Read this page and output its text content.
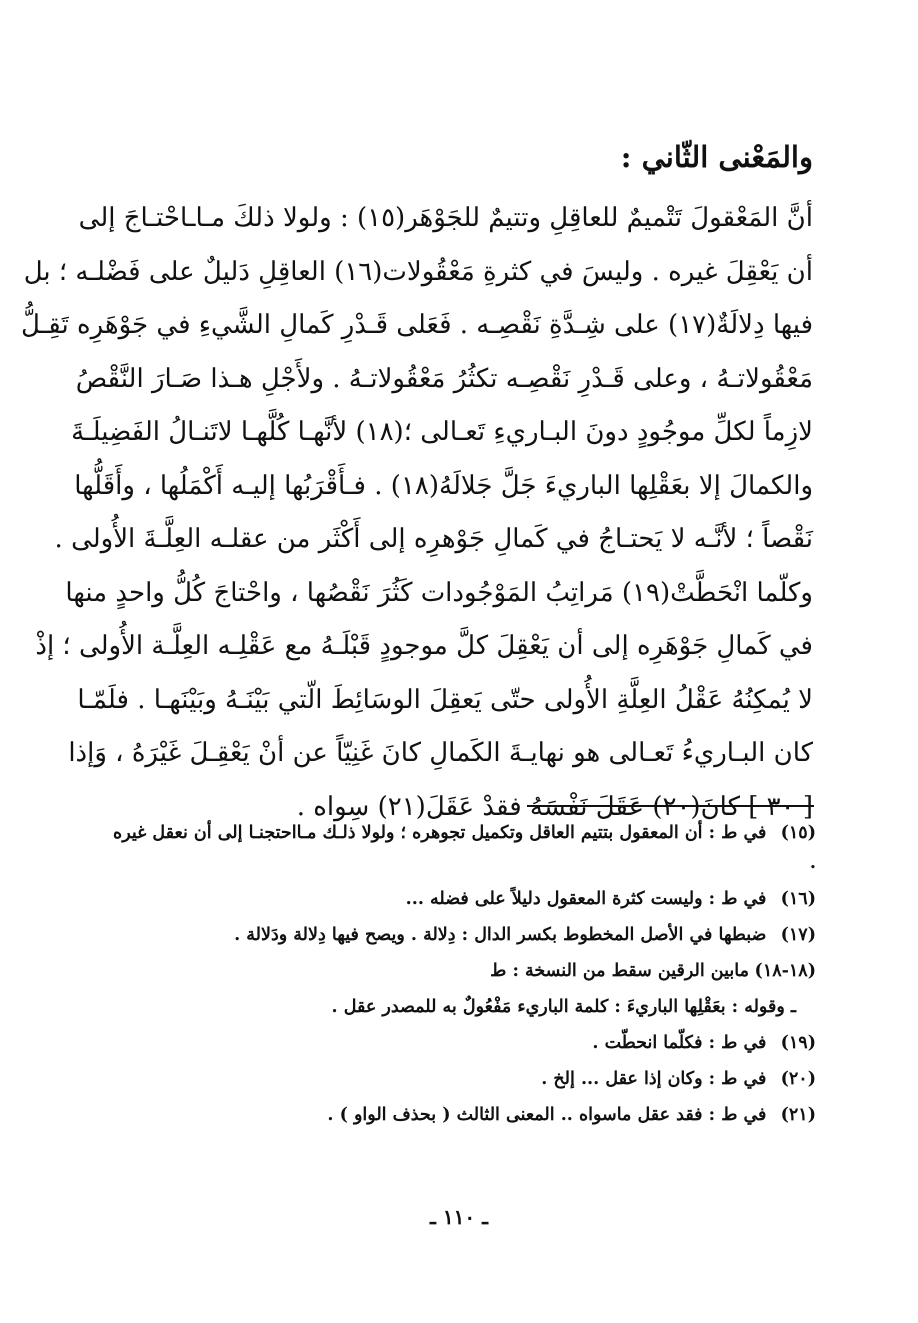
والمَعْنى الثّاني :
أنَّ المَعْقولَ تَتْميمٌ للعاقِلِ وتتيمٌ للجَوْهَر(١٥) : ولولا ذلكَ مـاـاحْتـاجَ إلى
أن يَعْقِلَ غيره . وليسَ في كثرةِ مَعْقُولات(١٦) العاقِلِ دَليلٌ على فَضْلـه ؛ بل
فيها دِلالَةٌ(١٧) على شِـدَّةِ نَقْصِـه . فَعَلى قَـدْرِ كَمالِ الشَّيءِ في جَوْهَرِه تَقِـلُّ
مَعْقُولاتـهُ ، وعلى قَـدْرِ نَقْصِـه تكثُرُ مَعْقُولاتـهُ . ولأَجْلِ هـذا صَـارَ النَّقْصُ
لازِماً لكلِّ موجُودٍ دونَ البـاريءِ تَعـالى ؛(١٨) لأنَّهـا كُلَّهـا لاتَنـالُ الفَضِيلَـةَ
والكمالَ إلا بعَقْلِها الباريءَ جَلَّ جَلالَهُ(١٨) . فـأَقْرَبُها إليـه أَكْمَلُها ، وأَقَلُّها
نَقْصاً ؛ لأنَّـه لا يَحتـاجُ في كَمالِ جَوْهرِه إلى أَكْثَر من عقلـه العِلَّـةَ الأُولى .
وكلّما انْحَطَّتْ(١٩) مَراتِبُ المَوْجُودات كَثُرَ نَقْصُها ، واحْتاجَ كُلُّ واحدٍ منها
في كَمالِ جَوْهَرِه إلى أن يَعْقِلَ كلَّ موجودٍ قَبْلَـهُ مع عَقْلِـه العِلَّـة الأُولى ؛ إذْ
لا يُمكِنُهُ عَقْلُ العِلَّةِ الأُولى حتّى يَعقِلَ الوسَائِطَ الّتي بَيْنَـهُ وبَيْنَهـا . فلَمّـا
كان البـاريءُ تَعـالى هو نهايـةَ الكَمالِ كانَ غَنِيّاً عن أنْ يَعْقِـلَ غَيْرَهُ ، وَإذا
[ ٣٠ ] كانَ(٢٠) عَقَلَ نَفْسَهُ فقدْ عَقَلَ(٢١) سِواه .
(١٥) في ط : أن المعقول بتتيم العاقل وتكميل تجوهره ؛ ولولا ذلـك مـااحتجنـا إلى أن نعقل غيره .
(١٦) في ط : وليست كثرة المعقول دليلاً على فضله ...
(١٧) ضبطها في الأصل المخطوط بكسر الدال : دِلالة . ويصح فيها دِلالة ودَلالة .
(١٨-١٨) مابين الرقين سقط من النسخة : ط
ـ وقوله : بعَقْلِها الباريءَ : كلمة الباريء مَفْعُولٌ به للمصدر عقل .
(١٩) في ط : فكلّما انحطّت .
(٢٠) في ط : وكان إذا عقل ... إلخ .
(٢١) في ط : فقد عقل ماسواه .. المعنى الثالث ( بحذف الواو ) .
ـ ١١٠ ـ
